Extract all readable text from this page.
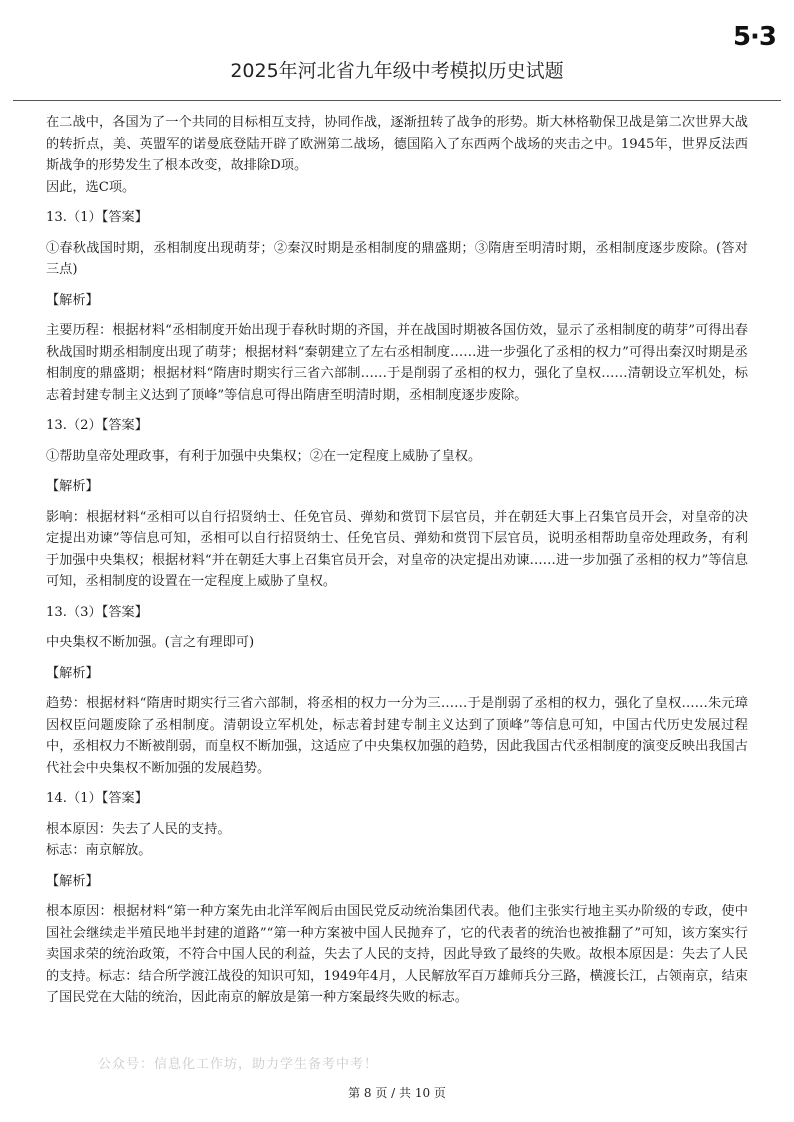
5·3
2025年河北省九年级中考模拟历史试题

在二战中，各国为了一个共同的目标相互支持，协同作战，逐渐扭转了战争的形势。斯大林格勒保卫战是第二次世界大战的转折点，美、英盟军的诺曼底登陆开辟了欧洲第二战场，德国陷入了东西两个战场的夹击之中。1945年，世界反法西斯战争的形势发生了根本改变，故排除D项。

因此，选C项。

13.（1）【答案】

①春秋战国时期，丞相制度出现萌芽；②秦汉时期是丞相制度的鼎盛期；③隋唐至明清时期，丞相制度逐步废除。(答对三点)

【解析】

主要历程：根据材料“丞相制度开始出现于春秋时期的齐国，并在战国时期被各国仿效，显示了丞相制度的萌芽”可得出春秋战国时期丞相制度出现了萌芽；根据材料“秦朝建立了左右丞相制度……进一步强化了丞相的权力”可得出秦汉时期是丞相制度的鼎盛期；根据材料“隋唐时期实行三省六部制……于是削弱了丞相的权力，强化了皇权……清朝设立军机处，标志着封建专制主义达到了顶峰”等信息可得出隋唐至明清时期，丞相制度逐步废除。

13.（2）【答案】

①帮助皇帝处理政事，有利于加强中央集权；②在一定程度上威胁了皇权。

【解析】

影响：根据材料“丞相可以自行招贤纳士、任免官员、弹劾和赏罚下层官员，并在朝廷大事上召集官员开会，对皇帝的决定提出劝谏”等信息可知，丞相可以自行招贤纳士、任免官员、弹劾和赏罚下层官员，说明丞相帮助皇帝处理政务，有利于加强中央集权；根据材料“并在朝廷大事上召集官员开会，对皇帝的决定提出劝谏……进一步加强了丞相的权力”等信息可知，丞相制度的设置在一定程度上威胁了皇权。

13.（3）【答案】

中央集权不断加强。(言之有理即可)

【解析】

趋势：根据材料“隋唐时期实行三省六部制，将丞相的权力一分为三……于是削弱了丞相的权力，强化了皇权……朱元璋因权臣问题废除了丞相制度。清朝设立军机处，标志着封建专制主义达到了顶峰”等信息可知，中国古代历史发展过程中，丞相权力不断被削弱，而皇权不断加强，这适应了中央集权加强的趋势，因此我国古代丞相制度的演变反映出我国古代社会中央集权不断加强的发展趋势。

14.（1）【答案】

根本原因：失去了人民的支持。

标志：南京解放。

【解析】

根本原因：根据材料“第一种方案先由北洋军阀后由国民党反动统治集团代表。他们主张实行地主买办阶级的专政，使中国社会继续走半殖民地半封建的道路”“第一种方案被中国人民抛弃了，它的代表者的统治也被推翻了”可知，该方案实行卖国求荣的统治政策，不符合中国人民的利益，失去了人民的支持，因此导致了最终的失败。故根本原因是：失去了人民的支持。标志：结合所学渡江战役的知识可知，1949年4月，人民解放军百万雄师兵分三路，横渡长江，占领南京，结束了国民党在大陆的统治，因此南京的解放是第一种方案最终失败的标志。

公众号：信息化工作坊，助力学生备考中考！
第 8 页 / 共 10 页
